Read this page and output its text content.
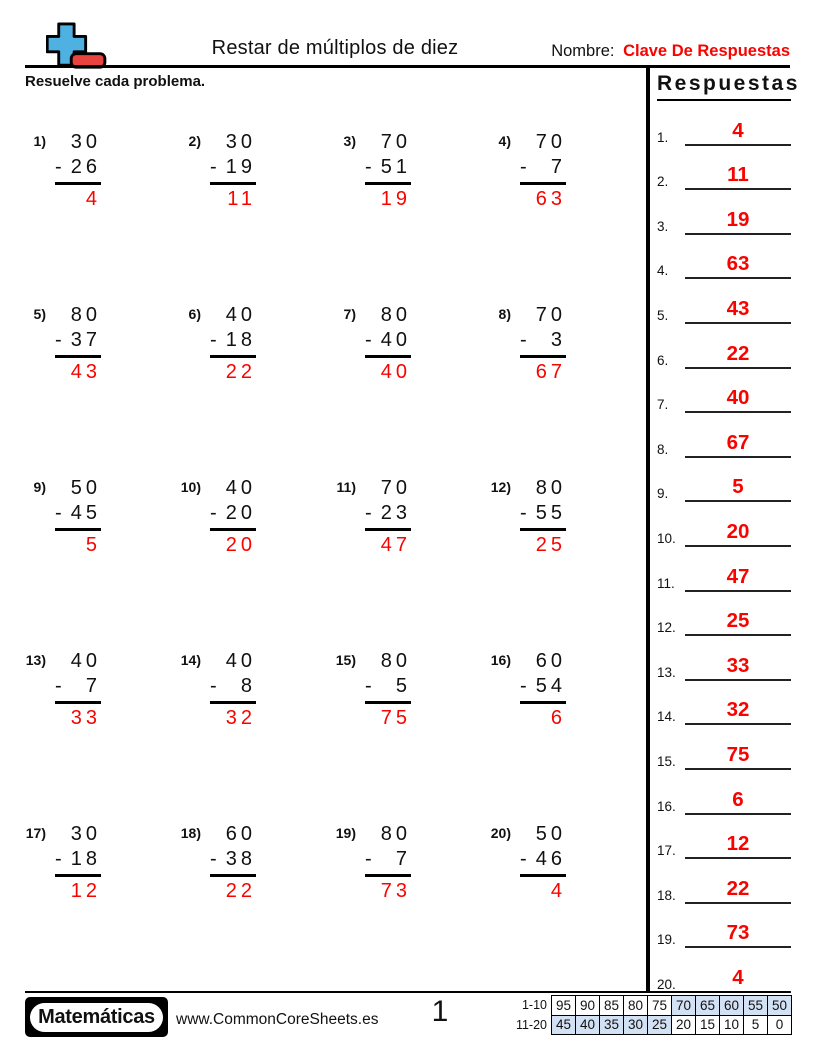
Restar de múltiplos de diez	Nombre: Clave De Respuestas
Resuelve cada problema.
1)	30
- 26
4
2)	30
- 19
11
3)	70
- 51
19
4)	70
- 7
63
5)	80
- 37
43
6)	40
- 18
22
7)	80
- 40
40
8)	70
- 3
67
9)	50
- 45
5
10)	40
- 20
20
11)	70
- 23
47
12)	80
- 55
25
13)	40
- 7
33
14)	40
- 8
32
15)	80
- 5
75
16)	60
- 54
6
17)	30
- 18
12
18)	60
- 38
22
19)	80
- 7
73
20)	50
- 46
4
Respuestas
1.	4
2.	11
3.	19
4.	63
5.	43
6.	22
7.	40
8.	67
9.	5
10.	20
11.	47
12.	25
13.	33
14.	32
15.	75
16.	6
17.	12
18.	22
19.	73
20.	4
Matemáticas	www.CommonCoreSheets.es	1	1-10	95	90	85	80	75	70	65	60	55	50
11-20	45	40	35	30	25	20	15	10	5	0
